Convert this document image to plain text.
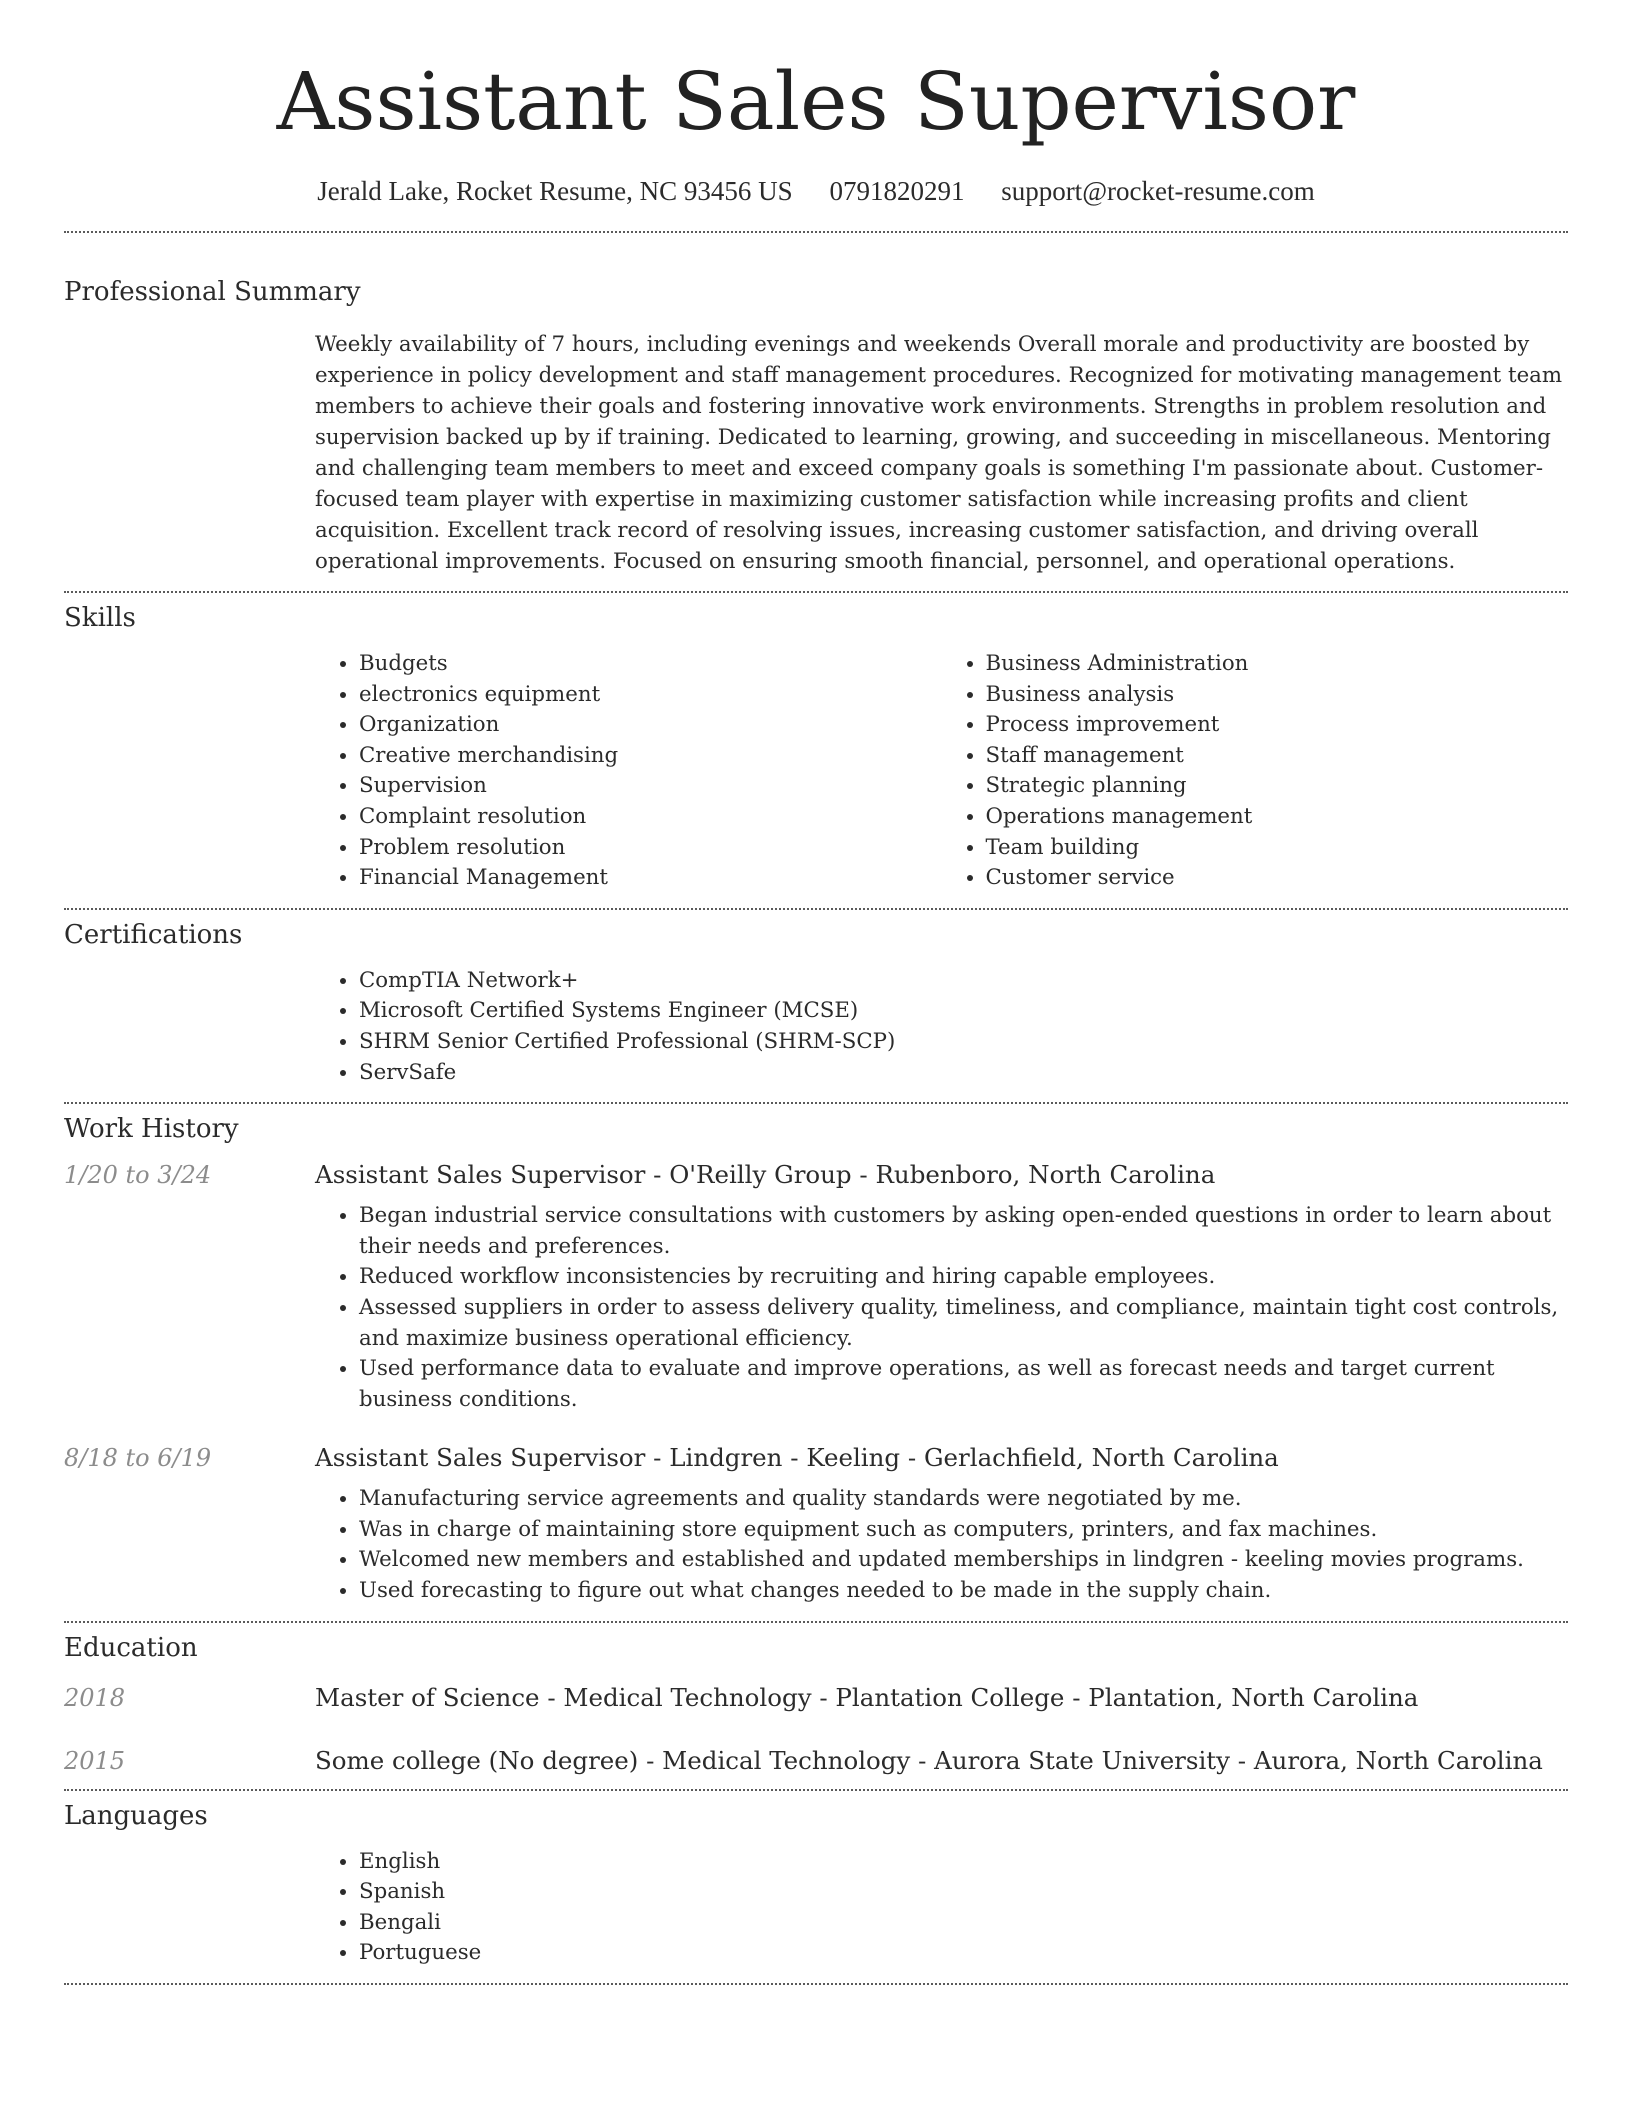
Assistant Sales Supervisor
Jerald Lake, Rocket Resume, NC 93456 US 0791820291 support@rocket-resume.com
Professional Summary

Weekly availability of 7 hours, including evenings and weekends Overall morale and productivity are boosted by experience in policy development and staff management procedures. Recognized for motivating management team members to achieve their goals and fostering innovative work environments. Strengths in problem resolution and supervision backed up by if training. Dedicated to learning, growing, and succeeding in miscellaneous. Mentoring and challenging team members to meet and exceed company goals is something I'm passionate about. Customer-focused team player with expertise in maximizing customer satisfaction while increasing profits and client acquisition. Excellent track record of resolving issues, increasing customer satisfaction, and driving overall operational improvements. Focused on ensuring smooth financial, personnel, and operational operations.

Skills
• Budgets
• electronics equipment
• Organization
• Creative merchandising
• Supervision
• Complaint resolution
• Problem resolution
• Financial Management
• Business Administration
• Business analysis
• Process improvement
• Staff management
• Strategic planning
• Operations management
• Team building
• Customer service
Certifications
• CompTIA Network+
• Microsoft Certified Systems Engineer (MCSE)
• SHRM Senior Certified Professional (SHRM-SCP)
• ServSafe
Work History
1/20 to 3/24	Assistant Sales Supervisor - O'Reilly Group - Rubenboro, North Carolina
• Began industrial service consultations with customers by asking open-ended questions in order to learn about their needs and preferences.
• Reduced workflow inconsistencies by recruiting and hiring capable employees.
• Assessed suppliers in order to assess delivery quality, timeliness, and compliance, maintain tight cost controls, and maximize business operational efficiency.
• Used performance data to evaluate and improve operations, as well as forecast needs and target current business conditions.
8/18 to 6/19	Assistant Sales Supervisor - Lindgren - Keeling - Gerlachfield, North Carolina
• Manufacturing service agreements and quality standards were negotiated by me.
• Was in charge of maintaining store equipment such as computers, printers, and fax machines.
• Welcomed new members and established and updated memberships in lindgren - keeling movies programs.
• Used forecasting to figure out what changes needed to be made in the supply chain.
Education
2018	Master of Science - Medical Technology - Plantation College - Plantation, North Carolina
2015	Some college (No degree) - Medical Technology - Aurora State University - Aurora, North Carolina
Languages
• English
• Spanish
• Bengali
• Portuguese
